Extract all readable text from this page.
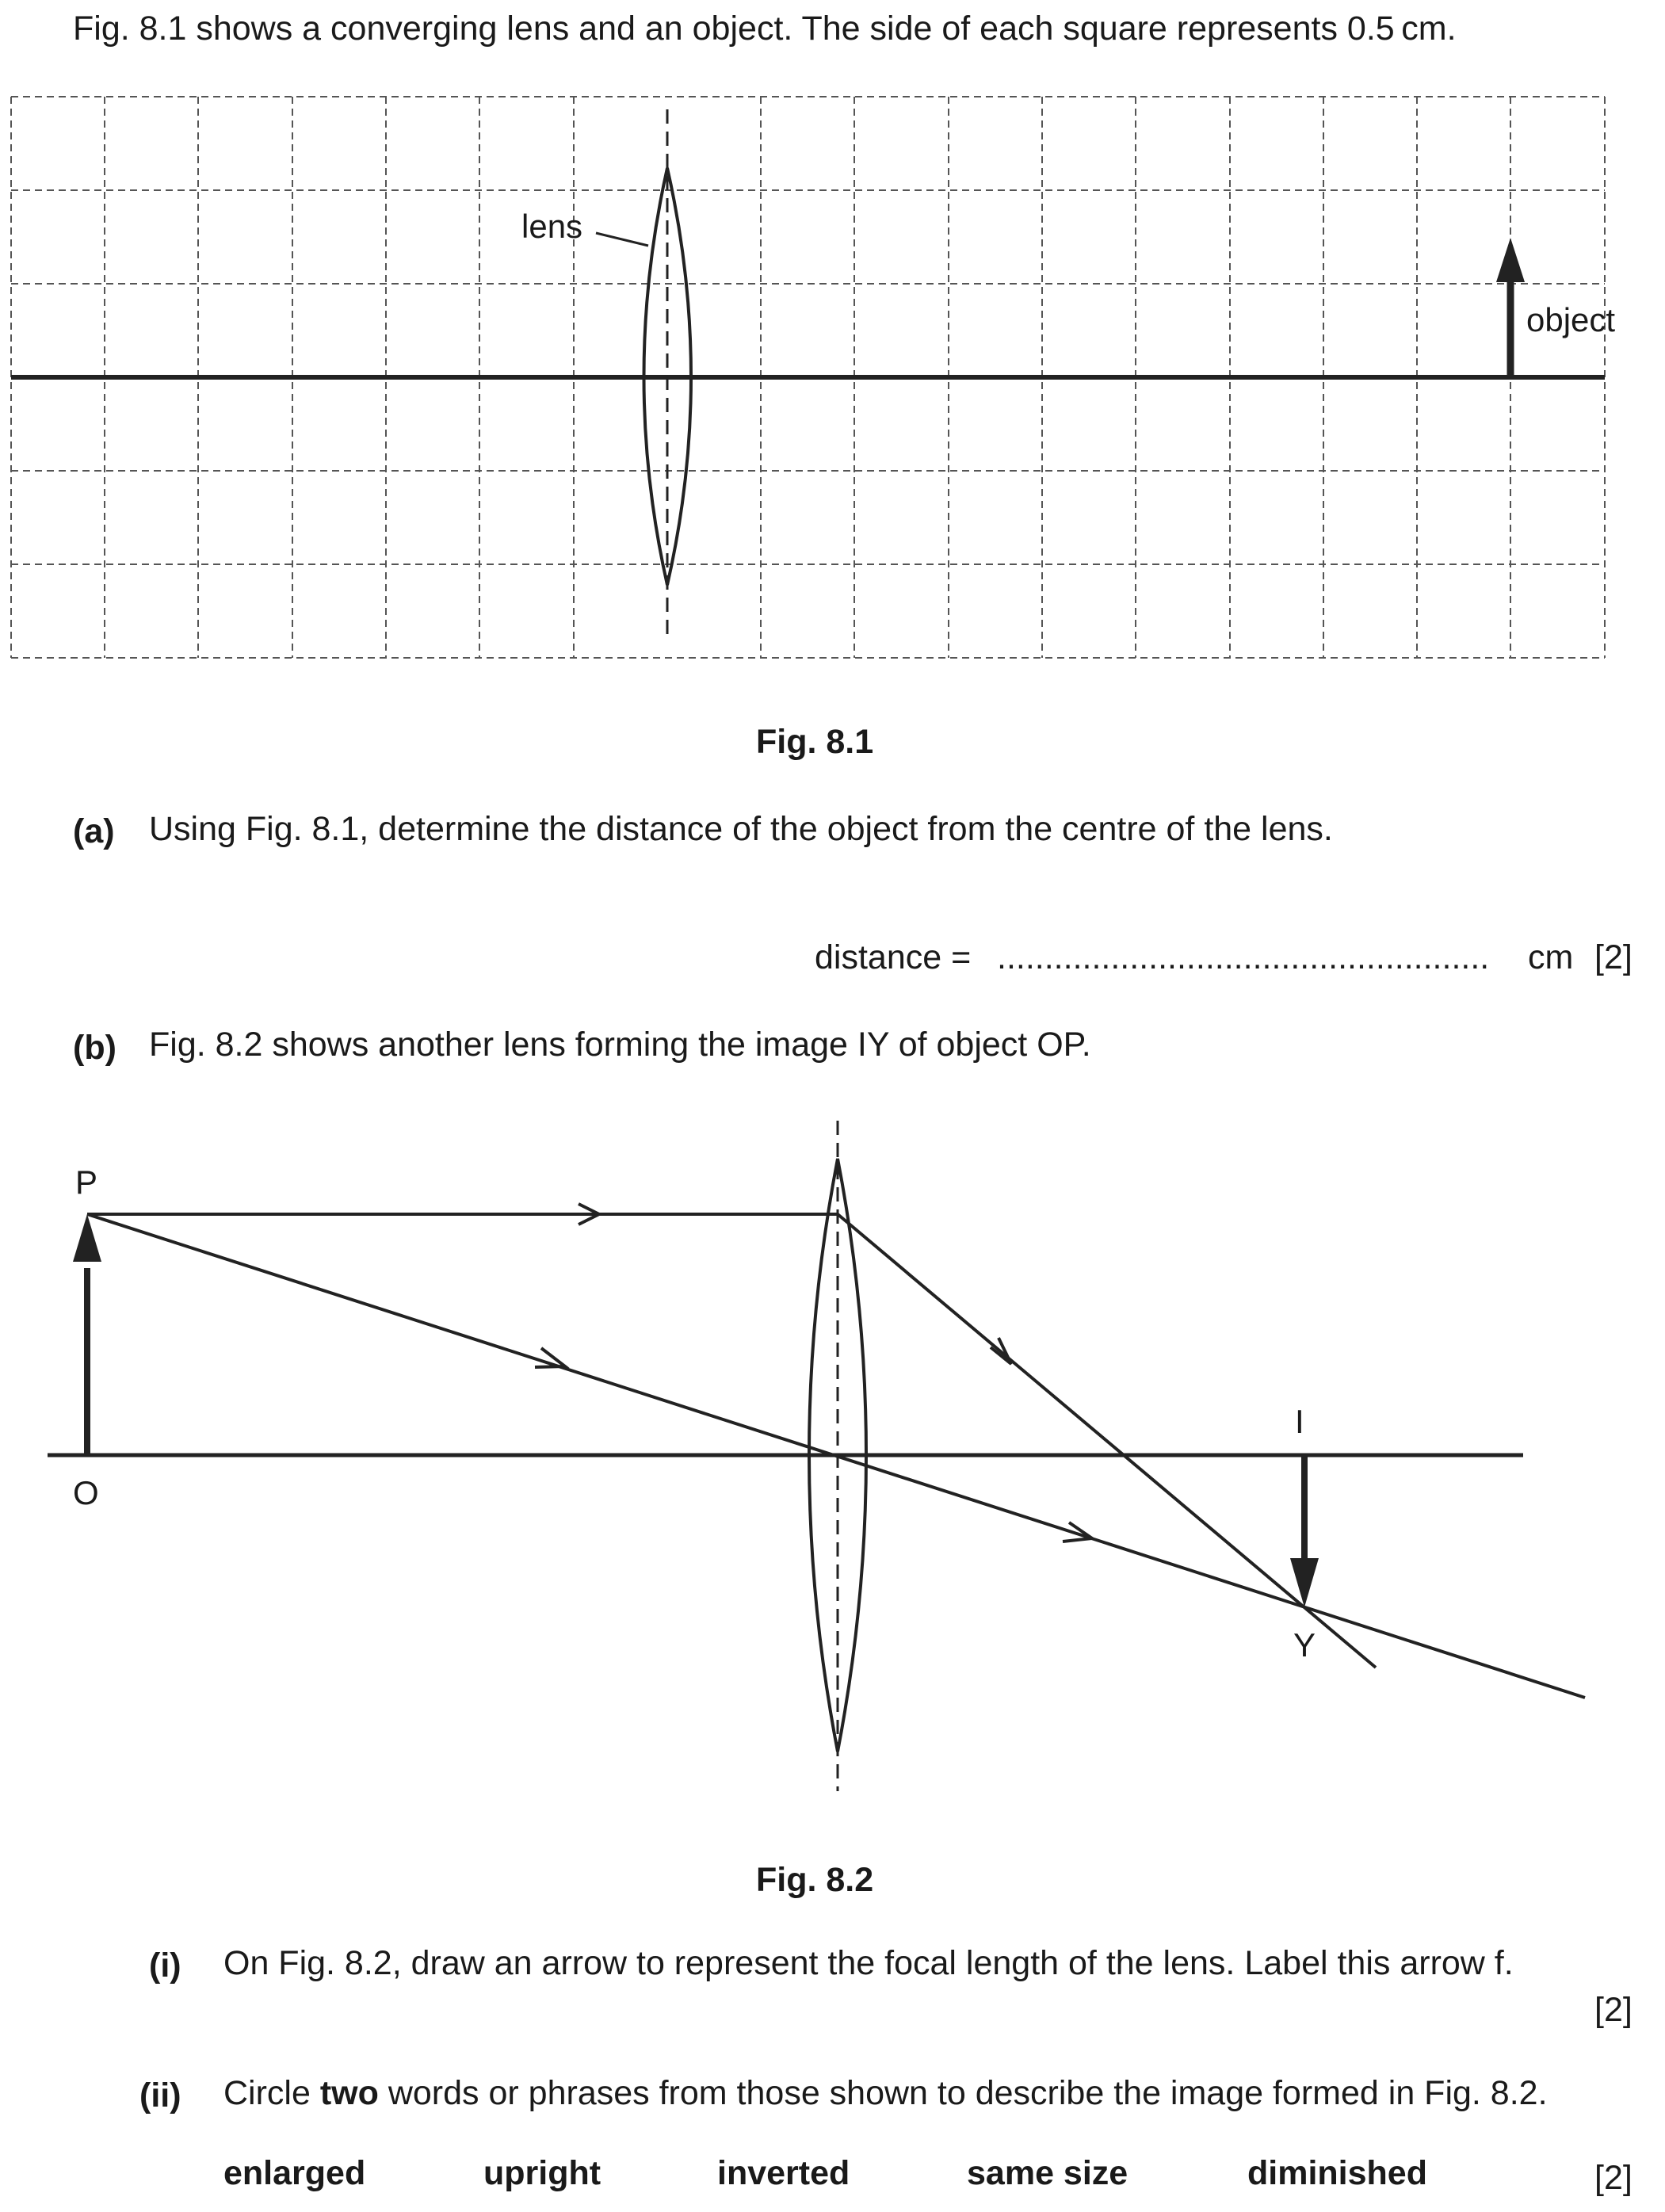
Fig. 8.1 shows a converging lens and an object. The side of each square represents 0.5 cm.
lens
object
Fig. 8.1
(a) Using Fig. 8.1, determine the distance of the object from the centre of the lens.
distance = .................................................... cm [2]
(b) Fig. 8.2 shows another lens forming the image IY of object OP.
P
O
I
Y
Fig. 8.2
(i) On Fig. 8.2, draw an arrow to represent the focal length of the lens. Label this arrow f.
[2]
(ii) Circle two words or phrases from those shown to describe the image formed in Fig. 8.2.
enlarged	upright	inverted	same size	diminished	[2]
